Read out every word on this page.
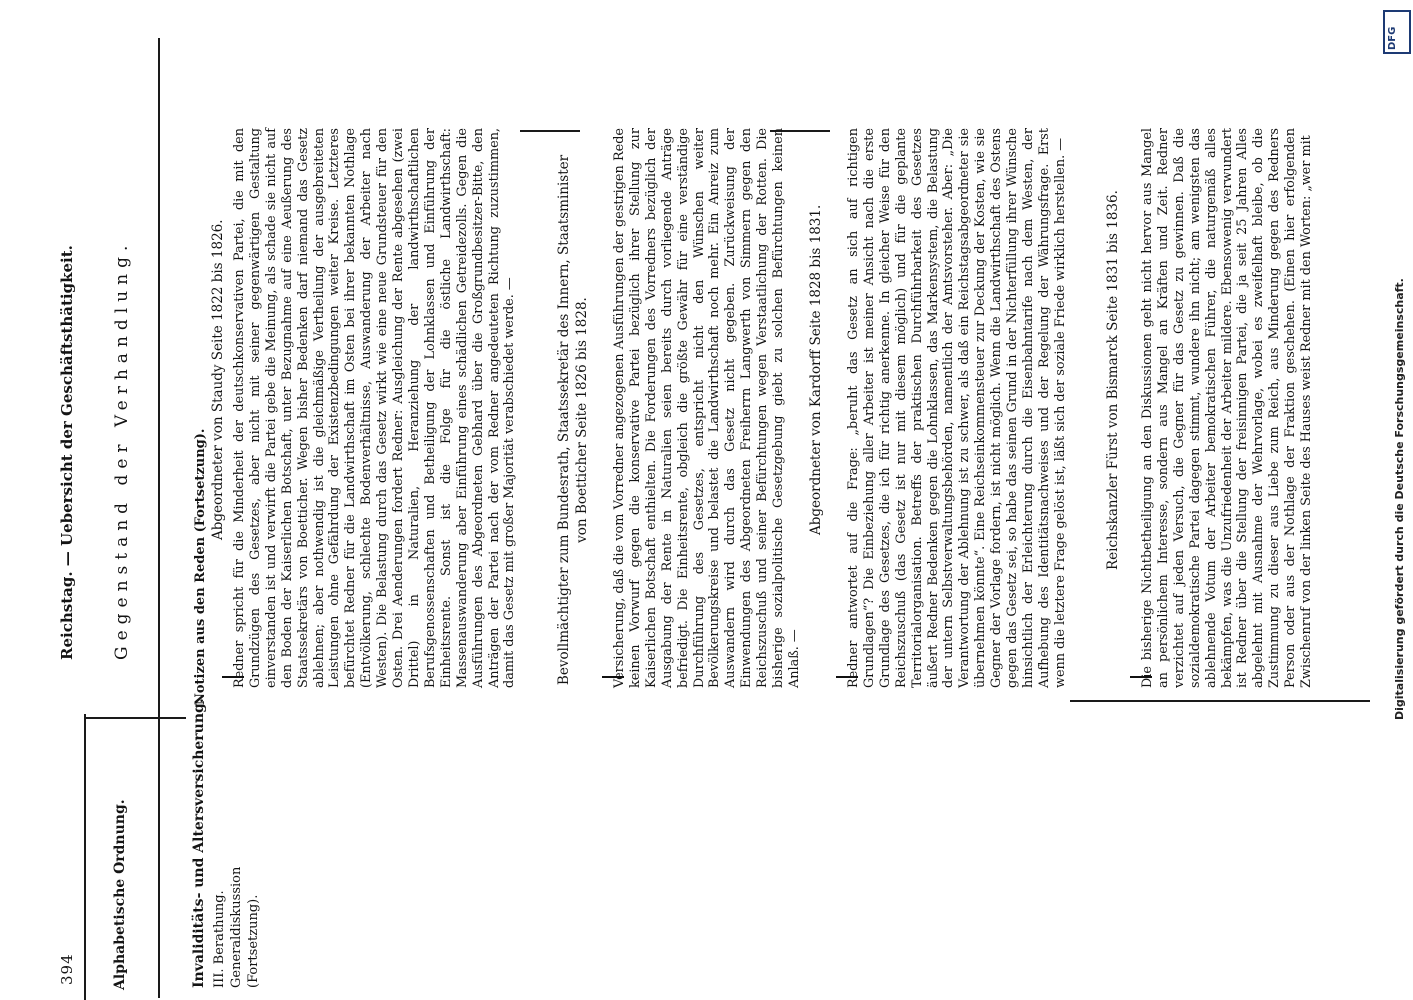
394
Reichstag. — Uebersicht der Geschäftsthätigkeit.
Alphabetische Ordnung.
Gegenstand der Verhandlung.
Invaliditäts- und Altersversicherung. III. Berathung. Generaldiskussion (Fortsetzung).
Notizen aus den Reden (Fortsetzung).
Abgeordneter von Staudy Seite 1822 bis 1826. Redner spricht für die Minderheit der deutschkonservativen Partei, die mit den Grundzügen des Gesetzes, aber nicht mit seiner gegenwärtigen Gestaltung einverstanden ist und verwirft die Partei gebe die Meinung, als schade sie nicht auf den Boden der Kaiserlichen Botschaft, unter Bezugnahme auf eine Aeußerung des Staatssekretärs von Boetticher. Wegen bisher Bedenken darf niemand das Gesetz ablehnen; aber nothwendig ist die gleichmäßige Vertheilung der ausgebreiteten Leistungen ohne Gefährdung der Existenzbedingungen weiter Kreise. Letzteres befürchtet Redner für die Landwirthschaft im Osten bei ihrer bekannten Nothlage (Entvölkerung, schlechte Bodenverhältnisse, Auswanderung der Arbeiter nach Westen). Die Belastung durch das Gesetz wirkt wie eine neue Grundsteuer für den Osten. Drei Aenderungen fordert Redner: Ausgleichung der Rente abgesehen (zwei Drittel) in Naturalien, Heranziehung der landwirthschaftlichen Berufsgenossenschaften und Betheiligung der Lohnklassen und Einführung der Einheitsrente. Sonst ist die Folge für die östliche Landwirthschaft: Massenauswanderung aber Einführung eines schädlichen Getreidezolls. Gegen die Ausführungen des Abgeordneten Gebhard über die Großgrundbesitzer-Bitte, den Anträgen der Partei nach der vom Redner angedeuteten Richtung zuzustimmen, damit das Gesetz mit großer Majorität verabschiedet werde. —	Bevollmächtigter zum Bundesrath, Staatssekretär des Innern, Staatsminister von Boetticher Seite 1826 bis 1828. Versicherung, daß die vom Vorredner angezogenen Ausführungen der gestrigen Rede keinen Vorwurf gegen die konservative Partei bezüglich ihrer Stellung zur Kaiserlichen Botschaft enthielten. Die Forderungen des Vorredners bezüglich der Ausgabung der Rente in Naturalien seien bereits durch vorliegende Anträge befriedigt. Die Einheitsrente, obgleich die größte Gewähr für eine verständige Durchführung des Gesetzes, entspricht nicht den Wünschen weiter Bevölkerungskreise und belastet die Landwirthschaft noch mehr. Ein Anreiz zum Auswandern wird durch das Gesetz nicht gegeben. Zurückweisung der Einwendungen des Abgeordneten Freiherrn Langwerth von Simmern gegen den Reichszuschuß und seiner Befürchtungen wegen Verstaatlichung der Rotten. Die bisherige sozialpolitische Gesetzgebung giebt zu solchen Befürchtungen keinen Anlaß. —
Abgeordneter von Kardorff Seite 1828 bis 1831. Redner antwortet auf die Frage: „beruht das Gesetz an sich auf richtigen Grundlagen“? Die Einbeziehung aller Arbeiter ist meiner Ansicht nach die erste Grundlage des Gesetzes, die ich für richtig anerkenne. In gleicher Weise für den Reichszuschuß (das Gesetz ist nur mit diesem möglich) und für die geplante Territorialorganisation. Betreffs der praktischen Durchführbarkeit des Gesetzes äußert Redner Bedenken gegen die Lohnklassen, das Markensystem, die Belastung der untern Selbstverwaltungsbehörden, namentlich der Amtsvorsteher. Aber: „Die Verantwortung der Ablehnung ist zu schwer, als daß ein Reichstagsabgeordneter sie übernehmen könnte“. Eine Reichseinkommensteuer zur Deckung der Kosten, wie sie Gegner der Vorlage fordern, ist nicht möglich. Wenn die Landwirthschaft des Ostens gegen das Gesetz sei, so habe das seinen Grund in der Nichterfüllung ihrer Wünsche hinsichtlich der Erleichterung durch die Eisenbahntarife nach dem Westen, der Aufhebung des Identitätsnachweises und der Regelung der Währungsfrage. Erst wenn die letztere Frage gelöst ist, läßt sich der soziale Friede wirklich herstellen. —	Reichskanzler Fürst von Bismarck Seite 1831 bis 1836. Die bisherige Nichtbetheiligung an den Diskussionen geht nicht hervor aus Mangel an persönlichem Interesse, sondern aus Mangel an Kräften und Zeit. Redner verzichtet auf jeden Versuch, die Gegner für das Gesetz zu gewinnen. Daß die sozialdemokratische Partei dagegen stimmt, wundere ihn nicht; am wenigsten das ablehnende Votum der Arbeiter bemokratischen Führer, die naturgemäß alles bekämpfen, was die Unzufriedenheit der Arbeiter mildere. Ebensowenig verwundert ist Redner über die Stellung der freisinnigen Partei, die ja seit 25 Jahren Alles abgelehnt mit Ausnahme der Wehrvorlage, wobei es zweifelhaft bleibe, ob die Zustimmung zu dieser aus Liebe zum Reich, aus Minderung gegen des Redners Person oder aus der Nothlage der Fraktion geschehen. (Einen hier erfolgenden Zwischenruf von der linken Seite des Hauses weist Redner mit den Worten: „wer mit
DFG
Digitalisierung gefördert durch die Deutsche Forschungsgemeinschaft.
